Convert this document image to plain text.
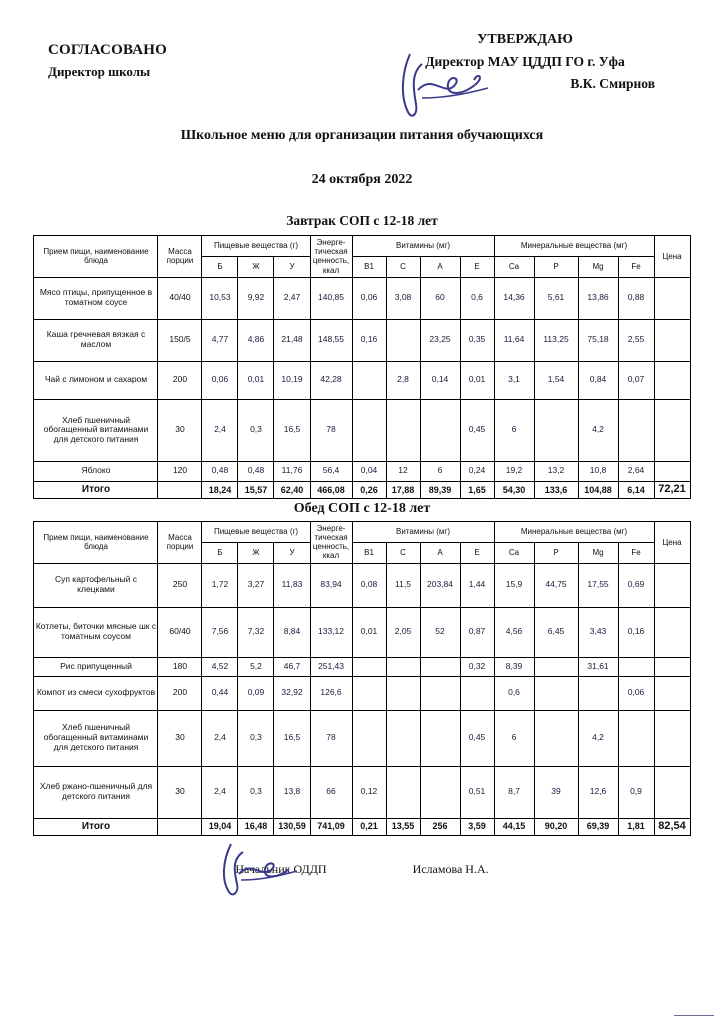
СОГЛАСОВАНО
Директор школы
УТВЕРЖДАЮ
Директор МАУ ЦДДП ГО г. Уфа
В.К. Смирнов
Школьное меню для организации питания обучающихся
24 октября 2022
Завтрак СОП с 12-18 лет
Прием пищи, наименование блюда	Масса порции	Пищевые вещества (г)			Энерге-тическая ценность, ккал	Витамины (мг)				Минеральные вещества (мг)				Цена
		Б	Ж	У		В1	С	А	Е	Ca	P	Mg	Fe	
Мясо птицы, припущенное в томатном соусе	40/40	10,53	9,92	2,47	140,85	0,06	3,08	60	0,6	14,36	5,61	13,86	0,88	
Каша гречневая вязкая с маслом	150/5	4,77	4,86	21,48	148,55	0,16		23,25	0,35	11,64	113,25	75,18	2,55	
Чай с лимоном и сахаром	200	0,06	0,01	10,19	42,28		2,8	0,14	0,01	3,1	1,54	0,84	0,07	
Хлеб пшеничный обогащенный витаминами для детского питания	30	2,4	0,3	16,5	78				0,45	6		4,2		
Яблоко	120	0,48	0,48	11,76	56,4	0,04	12	6	0,24	19,2	13,2	10,8	2,64	
Итого		18,24	15,57	62,40	466,08	0,26	17,88	89,39	1,65	54,30	133,6	104,88	6,14	72,21
Обед СОП с 12-18 лет
Прием пищи, наименование блюда	Масса порции	Пищевые вещества (г)			Энерге-тическая ценность, ккал	Витамины (мг)				Минеральные вещества (мг)				Цена
		Б	Ж	У		В1	С	А	Е	Ca	P	Mg	Fe	
Суп картофельный с клецками	250	1,72	3,27	11,83	83,94	0,08	11,5	203,84	1,44	15,9	44,75	17,55	0,69	
Котлеты, биточки мясные шк с томатным соусом	60/40	7,56	7,32	8,84	133,12	0,01	2,05	52	0,87	4,56	6,45	3,43	0,16	
Рис припущенный	180	4,52	5,2	46,7	251,43				0,32	8,39		31,61		
Компот из смеси сухофруктов	200	0,44	0,09	32,92	126,6					0,6			0,06	
Хлеб пшеничный обогащенный витаминами для детского питания	30	2,4	0,3	16,5	78				0,45	6		4,2		
Хлеб ржано-пшеничный для детского питания	30	2,4	0,3	13,8	66	0,12			0,51	8,7	39	12,6	0,9	
Итого		19,04	16,48	130,59	741,09	0,21	13,55	256	3,59	44,15	90,20	69,39	1,81	82,54
Начальник ОДДП	Исламова Н.А.
